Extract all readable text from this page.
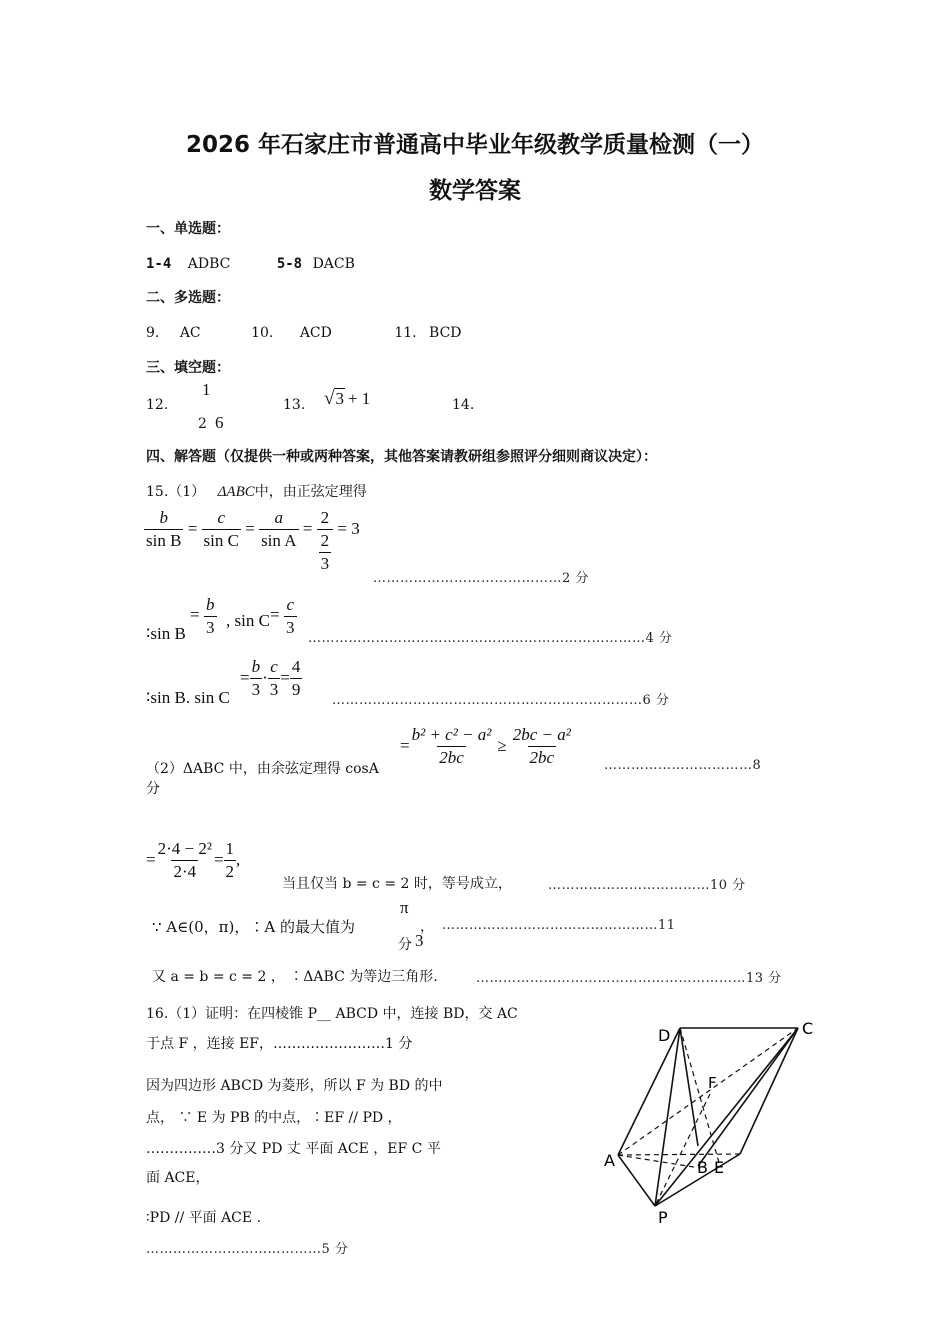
2026 年石家庄市普通高中毕业年级教学质量检测（一）
数学答案
一、单选题：
1-4 ADBC	5-8 DACB
二、多选题：
9. AC	10. ACD	11. BCD
三、填空题：
12.
1
2 6
13. √3 + 1	14.
四、解答题（仅提供一种或两种答案，其他答案请教研组参照评分细则商议决定）：
15.（1） ΔABC中，由正弦定理得
$\frac{b}{\text{sin B}} = \frac{c}{\text{sin C}} = \frac{a}{\text{sin A}} = 2$
2
3 = 3
……………………………………2 分
∶sin B
= $\frac{b}{3}$ , $\sin C = \frac{c}{3}$ …………………………………………………………………4 分
∶sin B. sin C
= $\frac{b}{3} \cdot \frac{c}{3} = \frac{4}{9}$ ……………………………………………………………6 分
（2）ΔABC 中，由余弦定理得 cosA
= $\frac{\text{b² + c² − a²}}{2bc} \ge \frac{\text{2bc − a²}}{2bc}$ ……………………………8
分
= $\frac{\text{2·4 − 2²}}{2\cdot 4} = \frac{1}{2}$ ,
当且仅当 b = c = 2 时，等号成立，	………………………………10 分
∵ A∈(0，π)，∶A 的最大值为
π
分 3
， …………………………………………11
又 a = b = c = 2 ， ∶ΔABC 为等边三角形.	……………………………………………………13 分
16.（1）证明：在四棱锥 P__ ABCD 中，连接 BD，交 AC
于点 F ，连接 EF，……………………1 分
因为四边形 ABCD 为菱形，所以 F 为 BD 的中
点， ∵ E 为 PB 的中点，∶EF // PD ，
……………3 分又 PD 丈 平面 ACE ，EF C 平
面 ACE，
∶PD // 平面 ACE .
…………………………………5 分
D	C
F
A	B E
P
